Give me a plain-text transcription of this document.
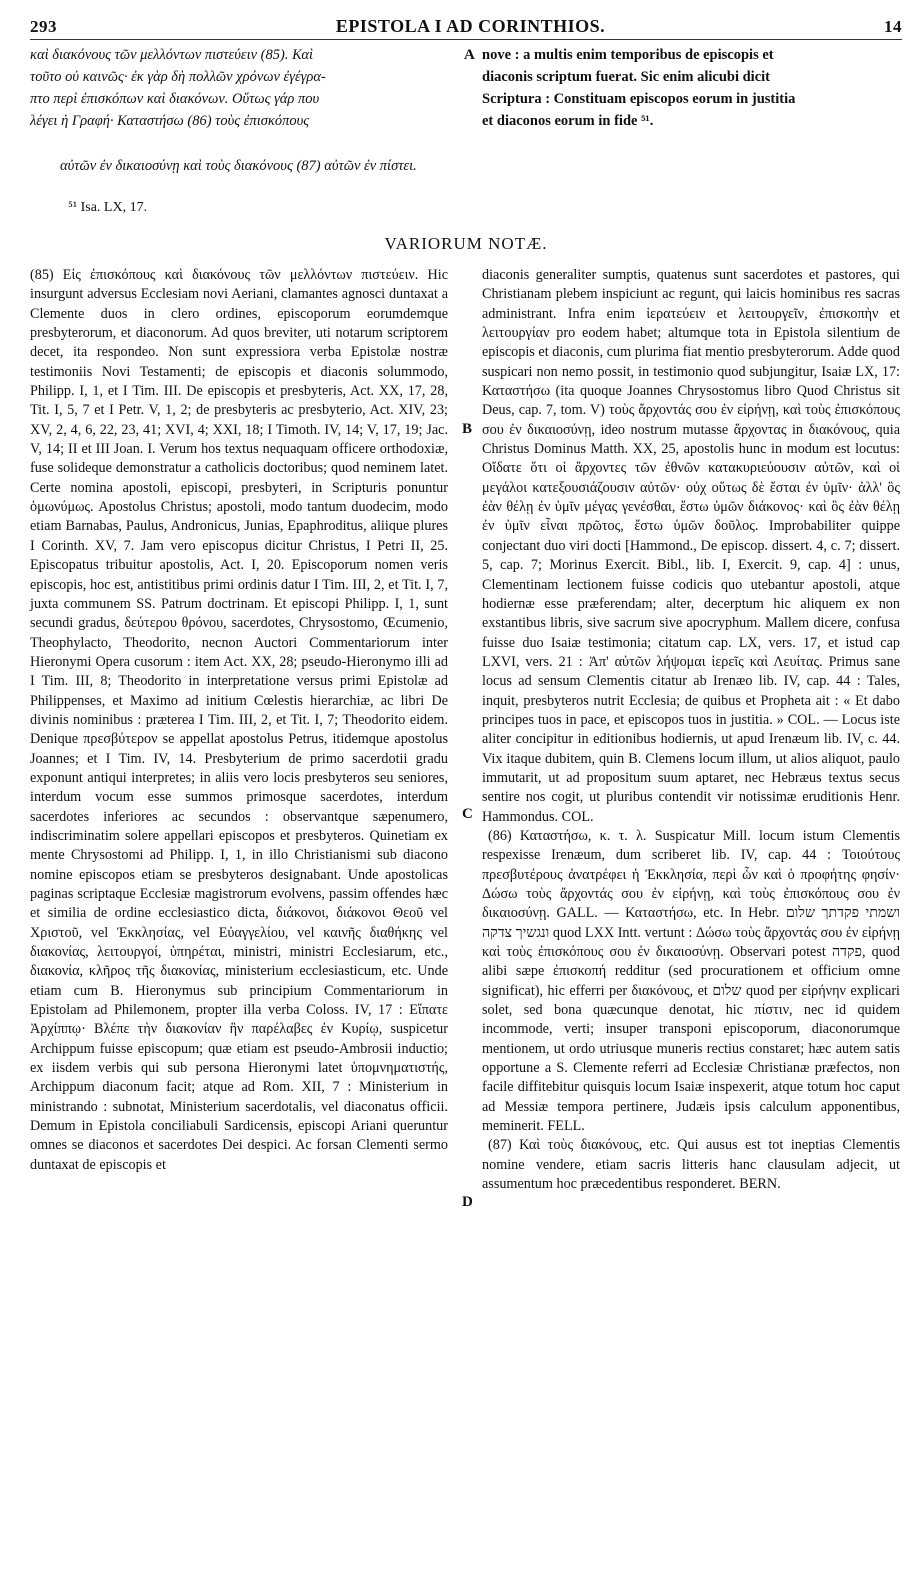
293	EPISTOLA I AD CORINTHIOS.	14
καὶ διακόνους τῶν μελλόντων πιστεύειν (85). Καὶ
τοῦτο οὐ καινῶς· ἐκ γὰρ δὴ πολλῶν χρόνων ἐγέγρα-
πτο περὶ ἐπισκόπων καὶ διακόνων. Οὕτως γάρ που
λέγει ἡ Γραφή· Καταστήσω (86) τοὺς ἐπισκόπους
A nove : a multis enim temporibus de episcopis et
diaconis scriptum fuerat. Sic enim alicubi dicit
Scriptura : Constituam episcopos eorum in justitia
et diaconos eorum in fide ⁵¹.
αὐτῶν ἐν δικαιοσύνῃ καὶ τοὺς διακόνους (87) αὐτῶν ἐν πίστει.
⁵¹ Isa. LX, 17.
VARIORUM NOTÆ.

(85) Εἰς ἐπισκόπους καὶ διακόνους τῶν μελλόντων πιστεύειν. Hic insurgunt adversus Ecclesiam novi Aeriani, clamantes agnosci duntaxat a Clemente duos in clero ordines, episcoporum eorumdemque presbyterorum, et diaconorum. Ad quos breviter, uti notarum scriptorem decet, ita respondeo. Non sunt expressiora verba Epistolæ nostræ testimoniis Novi Testamenti; de episcopis et diaconis solummodo, Philipp. I, 1, et I Tim. III. De episcopis et presbyteris, Act. XX, 17, 28, Tit. I, 5, 7 et I Petr. V, 1, 2; de presbyteris ac presbyterio, Act. XIV, 23; XV, 2, 4, 6, 22, 23, 41; XVI, 4; XXI, 18; I Timoth. IV, 14; V, 17, 19; Jac. V, 14; II et III Joan. I. Verum hos textus nequaquam officere orthodoxiæ, fuse solideque demonstratur a catholicis doctoribus; quod neminem latet. Certe nomina apostoli, episcopi, presbyteri, in Scripturis ponuntur ὁμωνύμως. Apostolus Christus; apostoli, modo tantum duodecim, modo etiam Barnabas, Paulus, Andronicus, Junias, Epaphroditus, aliique plures I Corinth. XV, 7. Jam vero episcopus dicitur Christus, I Petri II, 25. Episcopatus tribuitur apostolis, Act. I, 20. Episcoporum nomen veris episcopis, hoc est, antistitibus primi ordinis datur I Tim. III, 2, et Tit. I, 7, juxta communem SS. Patrum doctrinam. Et episcopi Philipp. I, 1, sunt secundi gradus, δεύτερου θρόνου, sacerdotes, Chrysostomo, Œcumenio, Theophylacto, Theodorito, necnon Auctori Commentariorum inter Hieronymi Opera cusorum : item Act. XX, 28; pseudo-Hieronymo illi ad I Tim. III, 8; Theodorito in interpretatione versus primi Epistolæ ad Philippenses, et Maximo ad initium Cœlestis hierarchiæ, ac libri De divinis nominibus : præterea I Tim. III, 2, et Tit. I, 7; Theodorito eidem. Denique πρεσβύτερον se appellat apostolus Petrus, itidemque apostolus Joannes; et I Tim. IV, 14. Presbyterium de primo sacerdotii gradu exponunt antiqui interpretes; in aliis vero locis presbyteros seu seniores, interdum vocum esse summos primosque sacerdotes, interdum sacerdotes inferiores ac secundos : observantque sæpenumero, indiscriminatim solere appellari episcopos et presbyteros. Quinetiam ex mente Chrysostomi ad Philipp. I, 1, in illo Christianismi sub diacono nomine episcopos etiam se presbyteros designabant. Unde apostolicas paginas scriptaque Ecclesiæ magistrorum evolvens, passim offendes hæc et similia de ordine ecclesiastico dicta, διάκονοι, διάκονοι Θεοῦ vel Χριστοῦ, vel Ἐκκλησίας, vel Εὐαγγελίου, vel καινῆς διαθήκης vel διακονίας, λειτουργοί, ὑπηρέται, ministri, ministri Ecclesiarum, etc., διακονία, κλῆρος τῆς διακονίας, ministerium ecclesiasticum, etc. Unde etiam cum B. Hieronymus sub principium Commentariorum in Epistolam ad Philemonem, propter illa verba Coloss. IV, 17 : Εἴπατε Ἀρχίππῳ· Βλέπε τὴν διακονίαν ἣν παρέλαβες ἐν Κυρίῳ, suspicetur Archippum fuisse episcopum; quæ etiam est pseudo-Ambrosii inductio; ex iisdem verbis qui sub persona Hieronymi latet ὑπομνηματιστής, Archippum diaconum facit; atque ad Rom. XII, 7 : Ministerium in ministrando : subnotat, Ministerium sacerdotalis, vel diaconatus officii. Demum in Epistola conciliabuli Sardicensis, episcopi Ariani queruntur omnes se diaconos et sacerdotes Dei despici. Ac forsan Clementi sermo duntaxat de episcopis et

B
C
D

diaconis generaliter sumptis, quatenus sunt sacerdotes et pastores, qui Christianam plebem inspiciunt ac regunt, qui laicis hominibus res sacras administrant. Infra enim ἱερατεύειν et λειτουργεῖν, ἐπισκοπὴν et λειτουργίαν pro eodem habet; altumque tota in Epistola silentium de episcopis et diaconis, cum plurima fiat mentio presbyterorum. Adde quod suspicari non nemo possit, in testimonio quod subjungitur, Isaiæ LX, 17: Καταστήσω (ita quoque Joannes Chrysostomus libro Quod Christus sit Deus, cap. 7, tom. V) τοὺς ἄρχοντάς σου ἐν εἰρήνῃ, καὶ τοὺς ἐπισκόπους σου ἐν δικαιοσύνῃ, ideo nostrum mutasse ἄρχοντας in διακόνους, quia Christus Dominus Matth. XX, 25, apostolis hunc in modum est locutus: Οἴδατε ὅτι οἱ ἄρχοντες τῶν ἐθνῶν κατακυριεύουσιν αὐτῶν, καὶ οἱ μεγάλοι κατεξουσιάζουσιν αὐτῶν· οὐχ οὕτως δὲ ἔσται ἐν ὑμῖν· ἀλλ' ὃς ἐὰν θέλῃ ἐν ὑμῖν μέγας γενέσθαι, ἔστω ὑμῶν διάκονος· καὶ ὃς ἐὰν θέλῃ ἐν ὑμῖν εἶναι πρῶτος, ἔστω ὑμῶν δοῦλος. Improbabiliter quippe conjectant duo viri docti [Hammond., De episcop. dissert. 4, c. 7; dissert. 5, cap. 7; Morinus Exercit. Bibl., lib. I, Exercit. 9, cap. 4] : unus, Clementinam lectionem fuisse codicis quo utebantur apostoli, atque hodiernæ esse præferendam; alter, decerptum hic aliquem ex non exstantibus libris, sive sacrum sive apocryphum. Mallem dicere, confusa fuisse duo Isaiæ testimonia; citatum cap. LX, vers. 17, et istud cap LXVI, vers. 21 : Ἀπ' αὐτῶν λήψομαι ἱερεῖς καὶ Λευίτας. Primus sane locus ad sensum Clementis citatur ab Irenæo lib. IV, cap. 44 : Tales, inquit, presbyteros nutrit Ecclesia; de quibus et Propheta ait : « Et dabo principes tuos in pace, et episcopos tuos in justitia. » COL. — Locus iste aliter concipitur in editionibus hodiernis, ut apud Irenæum lib. IV, c. 44. Vix itaque dubitem, quin B. Clemens locum illum, ut alios aliquot, paulo immutarit, ut ad propositum suum aptaret, nec Hebræus textus secus sentire nos cogit, ut pluribus contendit vir notissimæ eruditionis Henr. Hammondus. COL.

(86) Καταστήσω, κ. τ. λ. Suspicatur Mill. locum istum Clementis respexisse Irenæum, dum scriberet lib. IV, cap. 44 : Τοιούτους πρεσβυτέρους ἀνατρέφει ἡ Ἐκκλησία, περὶ ὧν καὶ ὁ προφήτης φησίν· Δώσω τοὺς ἄρχοντάς σου ἐν εἰρήνῃ, καὶ τοὺς ἐπισκόπους σου ἐν δικαιοσύνῃ. GALL. — Καταστήσω, etc. In Hebr. ושמתי פקדתך שלום ונגשיך צדקה quod LXX Intt. vertunt : Δώσω τοὺς ἄρχοντάς σου ἐν εἰρήνῃ καὶ τοὺς ἐπισκόπους σου ἐν δικαιοσύνῃ. Observari potest פקדה, quod alibi sæpe ἐπισκοπή redditur (sed procurationem et officium omne significat), hic efferri per διακόνους, et שלום quod per εἰρήνην explicari solet, sed bona quæcunque denotat, hic πίστιν, nec id quidem incommode, verti; insuper transponi episcoporum, diaconorumque mentionem, ut ordo utriusque muneris rectius constaret; hæc autem satis opportune a S. Clemente referri ad Ecclesiæ Christianæ præfectos, non facile diffitebitur quisquis locum Isaiæ inspexerit, atque totum hoc caput ad Messiæ tempora pertinere, Judæis ipsis calculum apponentibus, meminerit. FELL.

(87) Καὶ τοὺς διακόνους, etc. Qui ausus est tot ineptias Clementis nomine vendere, etiam sacris litteris hanc clausulam adjecit, ut assumentum hoc præcedentibus responderet. BERN.
